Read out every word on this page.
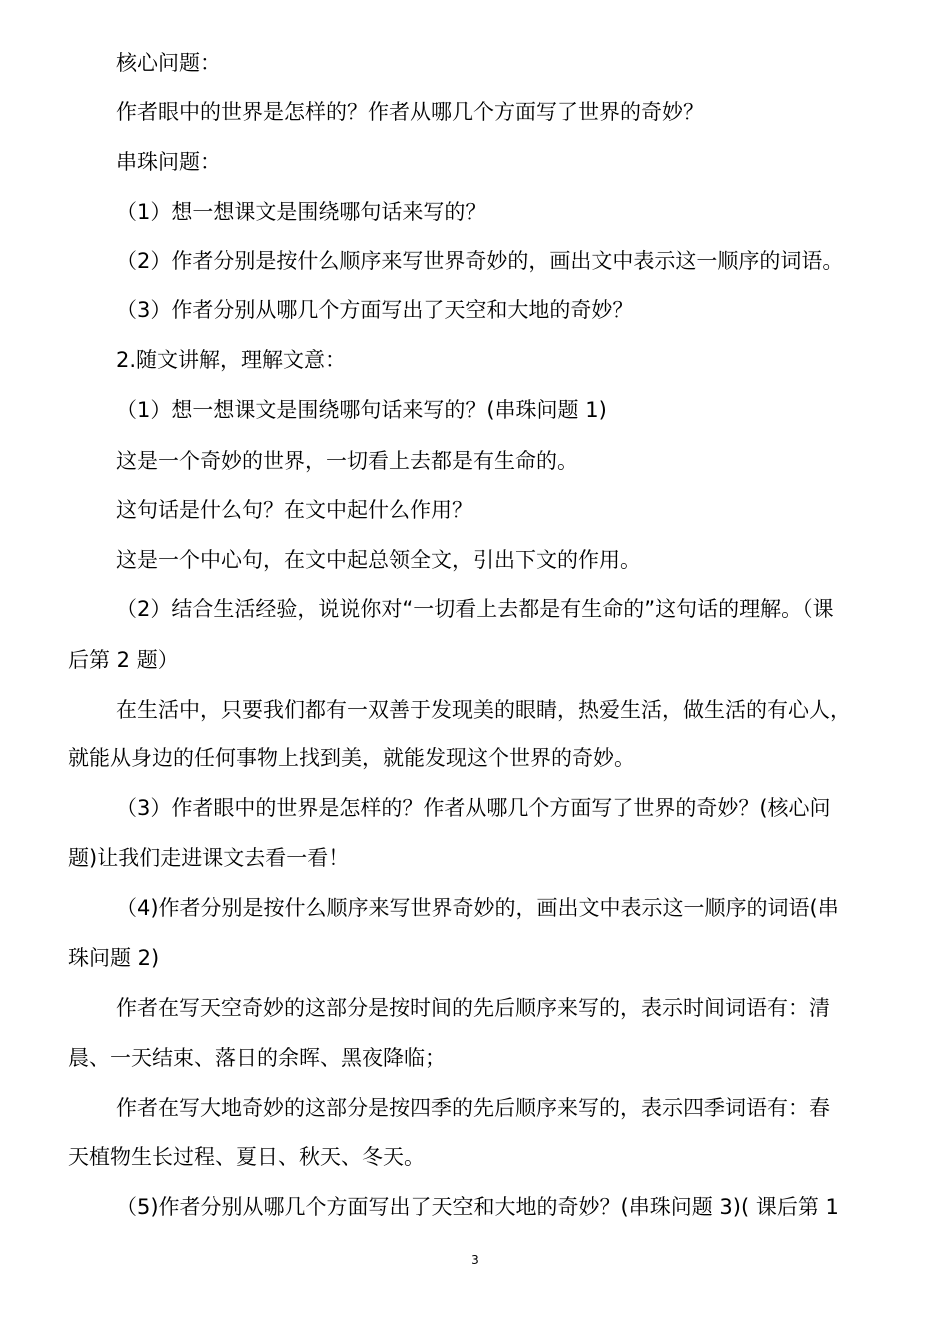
核心问题：
作者眼中的世界是怎样的？作者从哪几个方面写了世界的奇妙？
串珠问题：
（1）想一想课文是围绕哪句话来写的？
（2）作者分别是按什么顺序来写世界奇妙的，画出文中表示这一顺序的词语。
（3）作者分别从哪几个方面写出了天空和大地的奇妙？
2.随文讲解，理解文意：
（1）想一想课文是围绕哪句话来写的？(串珠问题 1)
这是一个奇妙的世界，一切看上去都是有生命的。
这句话是什么句？在文中起什么作用？
这是一个中心句，在文中起总领全文，引出下文的作用。
（2）结合生活经验，说说你对“一切看上去都是有生命的”这句话的理解。（课
后第 2 题）
在生活中，只要我们都有一双善于发现美的眼睛，热爱生活，做生活的有心人，
就能从身边的任何事物上找到美，就能发现这个世界的奇妙。
（3）作者眼中的世界是怎样的？作者从哪几个方面写了世界的奇妙？(核心问
题)让我们走进课文去看一看！
（4)作者分别是按什么顺序来写世界奇妙的，画出文中表示这一顺序的词语(串
珠问题 2)
作者在写天空奇妙的这部分是按时间的先后顺序来写的，表示时间词语有：清
晨、一天结束、落日的余晖、黑夜降临；
作者在写大地奇妙的这部分是按四季的先后顺序来写的，表示四季词语有：春
天植物生长过程、夏日、秋天、冬天。
（5)作者分别从哪几个方面写出了天空和大地的奇妙？(串珠问题 3)( 课后第 1
3
